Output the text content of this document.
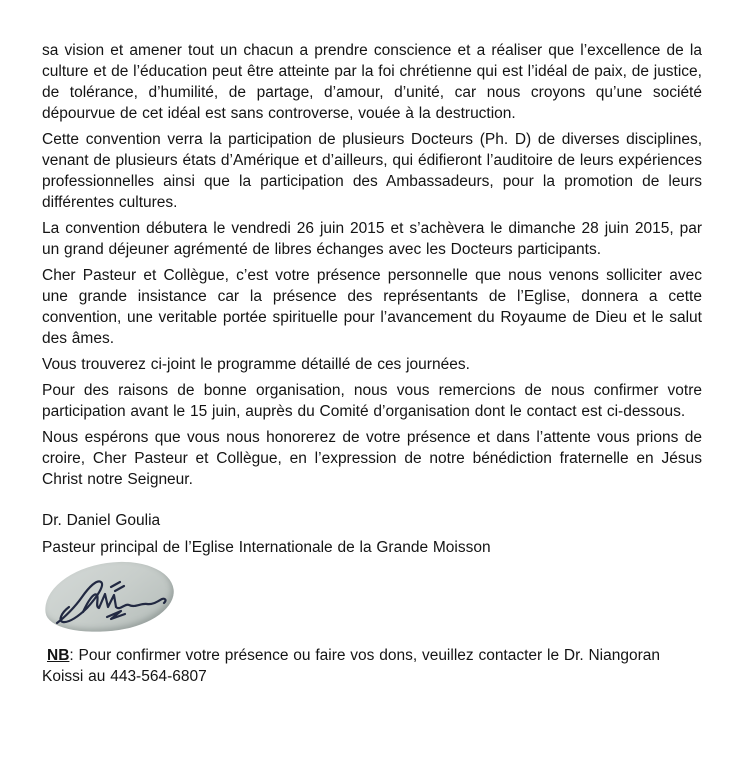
sa vision et amener tout un chacun a prendre conscience et a réaliser que l’excellence de la culture et de l’éducation peut être atteinte par la foi chrétienne qui est l’idéal de paix, de justice, de tolérance, d’humilité, de partage, d’amour, d’unité, car nous croyons qu’une société dépourvue de cet idéal est sans controverse, vouée à la destruction.

Cette convention verra la participation de plusieurs Docteurs (Ph. D) de diverses disciplines, venant de plusieurs états d’Amérique et d’ailleurs, qui édifieront l’auditoire de leurs expériences professionnelles ainsi que la participation des Ambassadeurs, pour la promotion de leurs différentes cultures.

La convention débutera le vendredi 26 juin 2015 et s’achèvera le dimanche 28 juin 2015, par un grand déjeuner agrémenté de libres échanges avec les Docteurs participants.

Cher Pasteur et Collègue, c’est votre présence personnelle que nous venons solliciter avec une grande insistance car la présence des représentants de l’Eglise, donnera a cette convention, une veritable portée spirituelle pour l’avancement du Royaume de Dieu et le salut des âmes.

Vous trouverez ci-joint le programme détaillé de ces journées.

Pour des raisons de bonne organisation, nous vous remercions de nous confirmer votre participation avant le 15 juin, auprès du Comité d’organisation dont le contact est ci-dessous.

Nous espérons que vous nous honorerez de votre présence et dans l’attente vous prions de croire, Cher Pasteur et Collègue, en l’expression de notre bénédiction fraternelle en Jésus Christ notre Seigneur.

Dr. Daniel Goulia

Pasteur principal de l’Eglise Internationale de la Grande Moisson

NB: Pour confirmer votre présence ou faire vos dons, veuillez contacter le Dr. Niangoran Koissi au 443-564-6807
